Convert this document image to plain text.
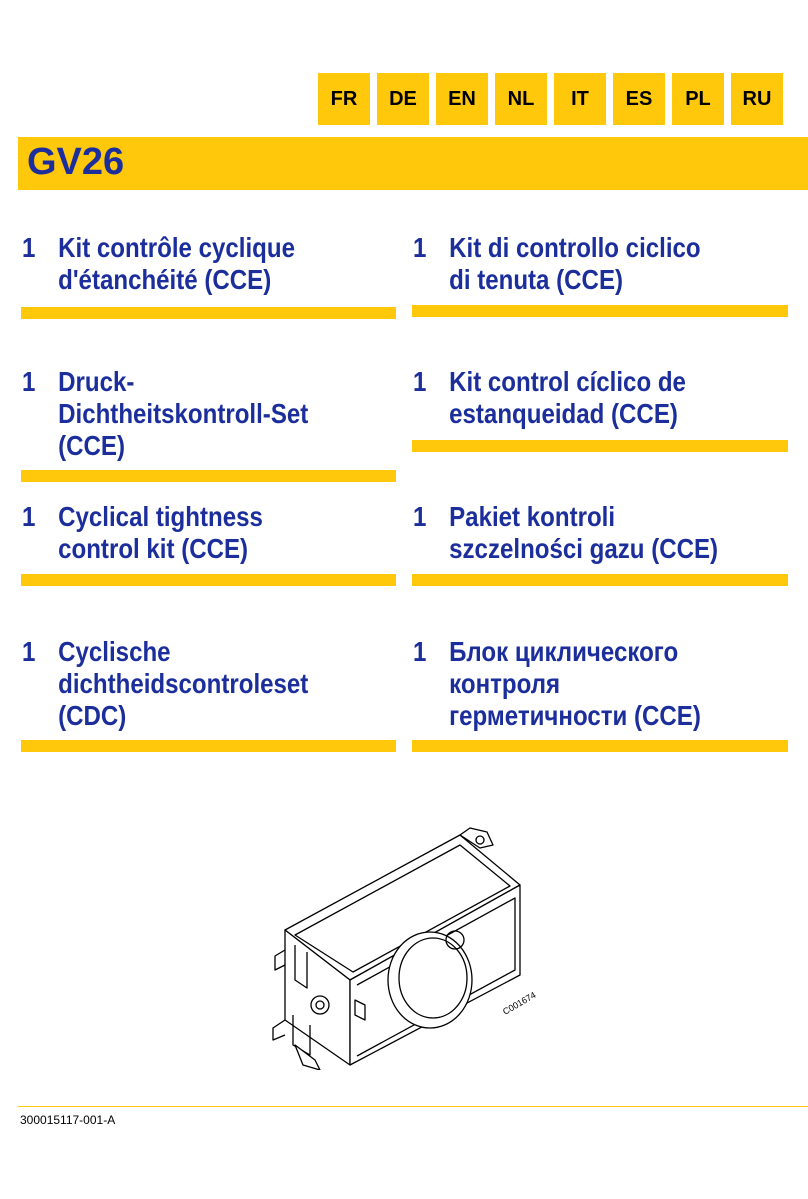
FR	DE	EN	NL	IT	ES	PL	RU
GV26
1 Kit contrôle cyclique
d'étanchéité (CCE)
1 Druck-
Dichtheitskontroll-Set
(CCE)
1 Cyclical tightness
control kit (CCE)
1 Cyclische
dichtheidscontroleset
(CDC)
1 Kit di controllo ciclico
di tenuta (CCE)
1 Kit control cíclico de
estanqueidad (CCE)
1 Pakiet kontroli
szczelności gazu (CCE)
1 Блок циклического
контроля
герметичности (CCE)
C001674
300015117-001-A
